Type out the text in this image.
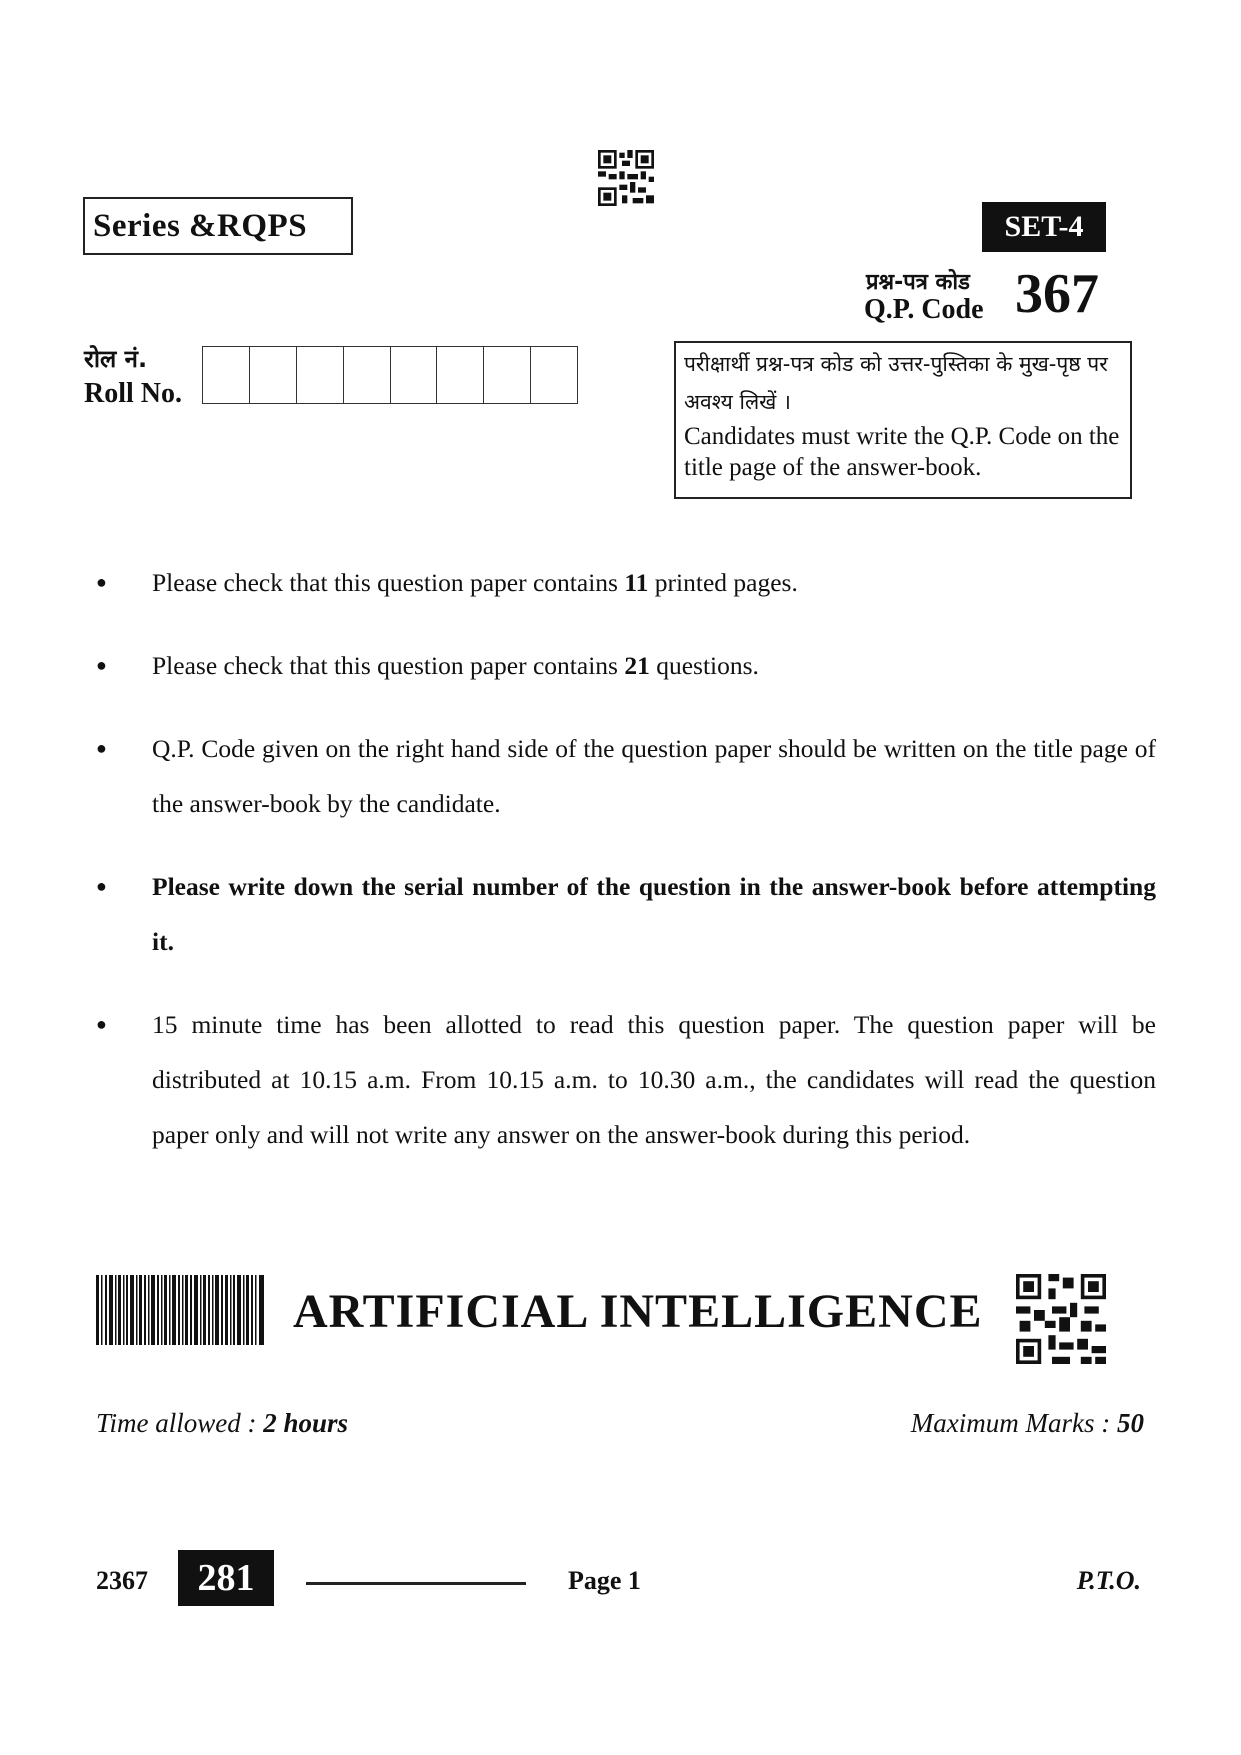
Series &RQPS	SET-4
प्रश्न-पत्र कोड
Q.P. Code 367
रोल नं.
Roll No.
परीक्षार्थी प्रश्न-पत्र कोड को उत्तर-पुस्तिका के मुख-पृष्ठ पर अवश्य लिखें ।
Candidates must write the Q.P. Code on the title page of the answer-book.
● Please check that this question paper contains 11 printed pages.
● Please check that this question paper contains 21 questions.
● Q.P. Code given on the right hand side of the question paper should be written on the title page of the answer-book by the candidate.
● Please write down the serial number of the question in the answer-book before attempting it.
● 15 minute time has been allotted to read this question paper. The question paper will be distributed at 10.15 a.m. From 10.15 a.m. to 10.30 a.m., the candidates will read the question paper only and will not write any answer on the answer-book during this period.
ARTIFICIAL INTELLIGENCE
Time allowed : 2 hours	Maximum Marks : 50
2367	281	Page 1	P.T.O.
